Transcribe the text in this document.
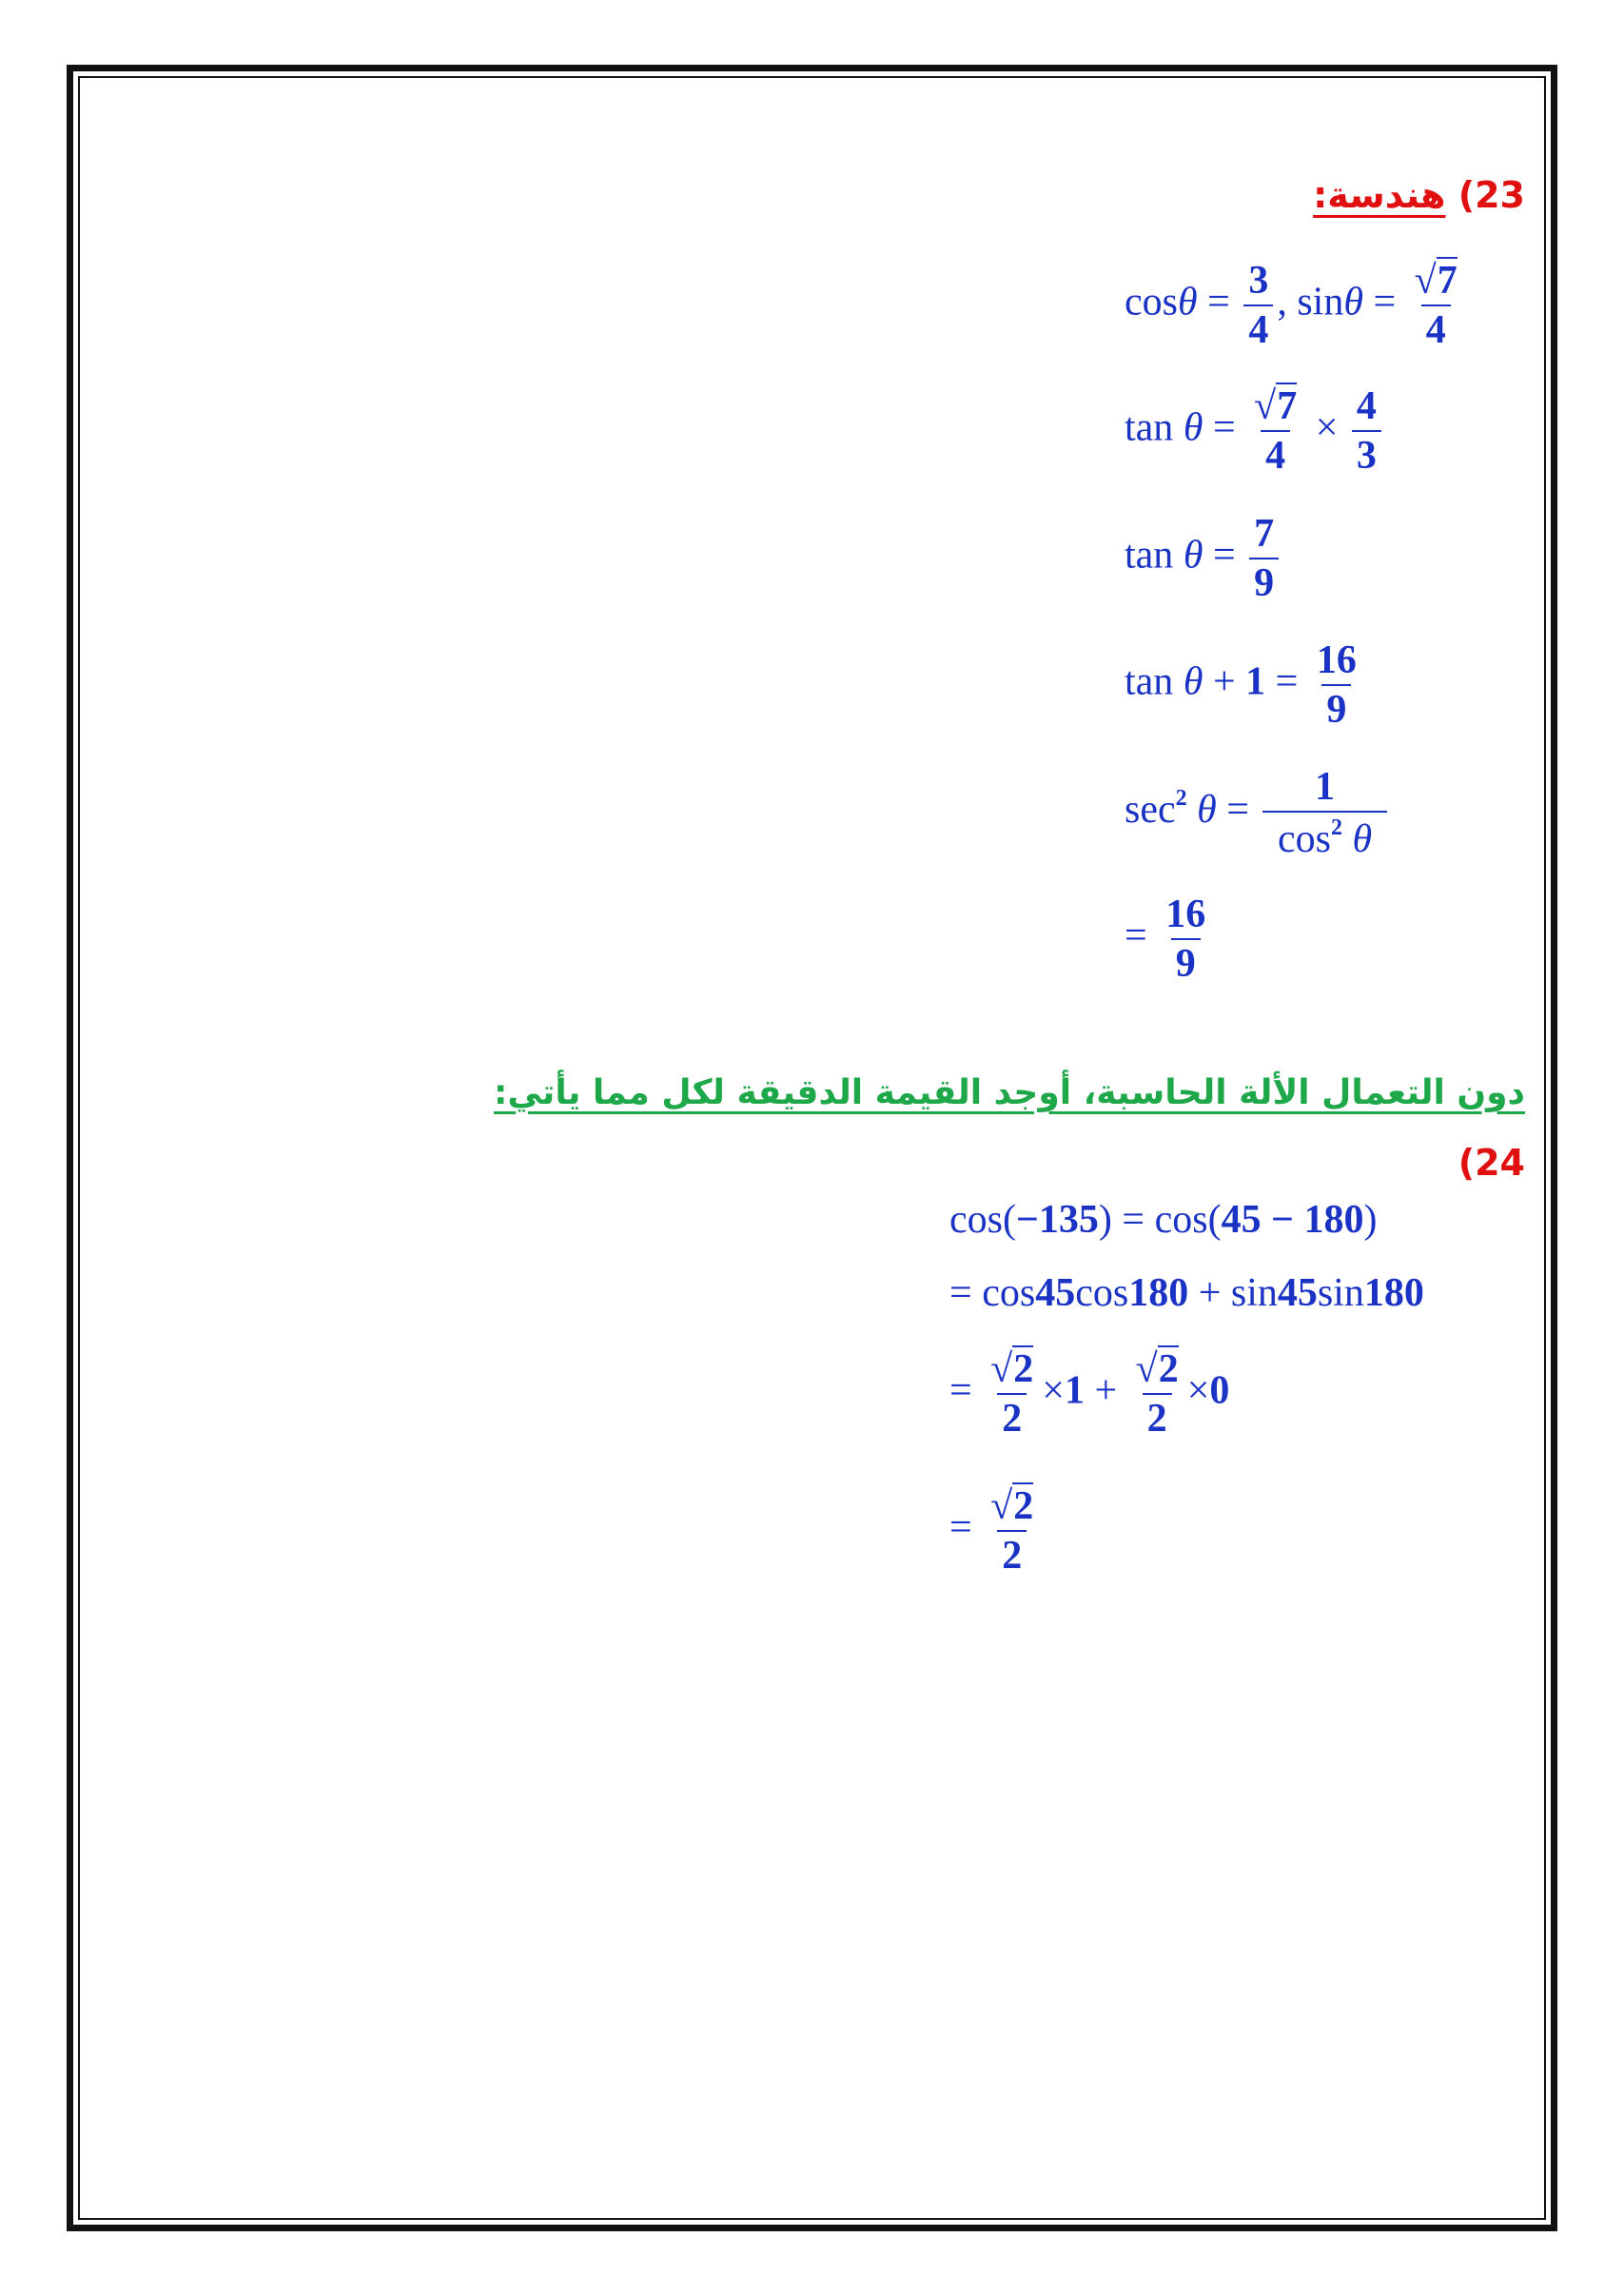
23) هندسة:
$\cos\theta = \frac{3}{4}$ , $\sin\theta = \frac{√7}{4}$
$\tan \theta = \frac{√7}{4} \times \frac{4}{3}$
$\tan \theta = \frac{7}{9}$
$\tan \theta + 1 = \frac{16}{9}$
$\sec^2 \theta = \frac{1}{\cos^2 \theta}$
= $\frac{16}{9}$
دون التعمال الألة الحاسبة، أوجد القيمة الدقيقة لكل مما يأتي:
(24
cos(−135) = cos(45 − 180)
= cos45cos180 + sin45sin180
= $\frac{√2}{2} \times 1 + \frac{√2}{2} \times 0$
= $\frac{√2}{2}$
